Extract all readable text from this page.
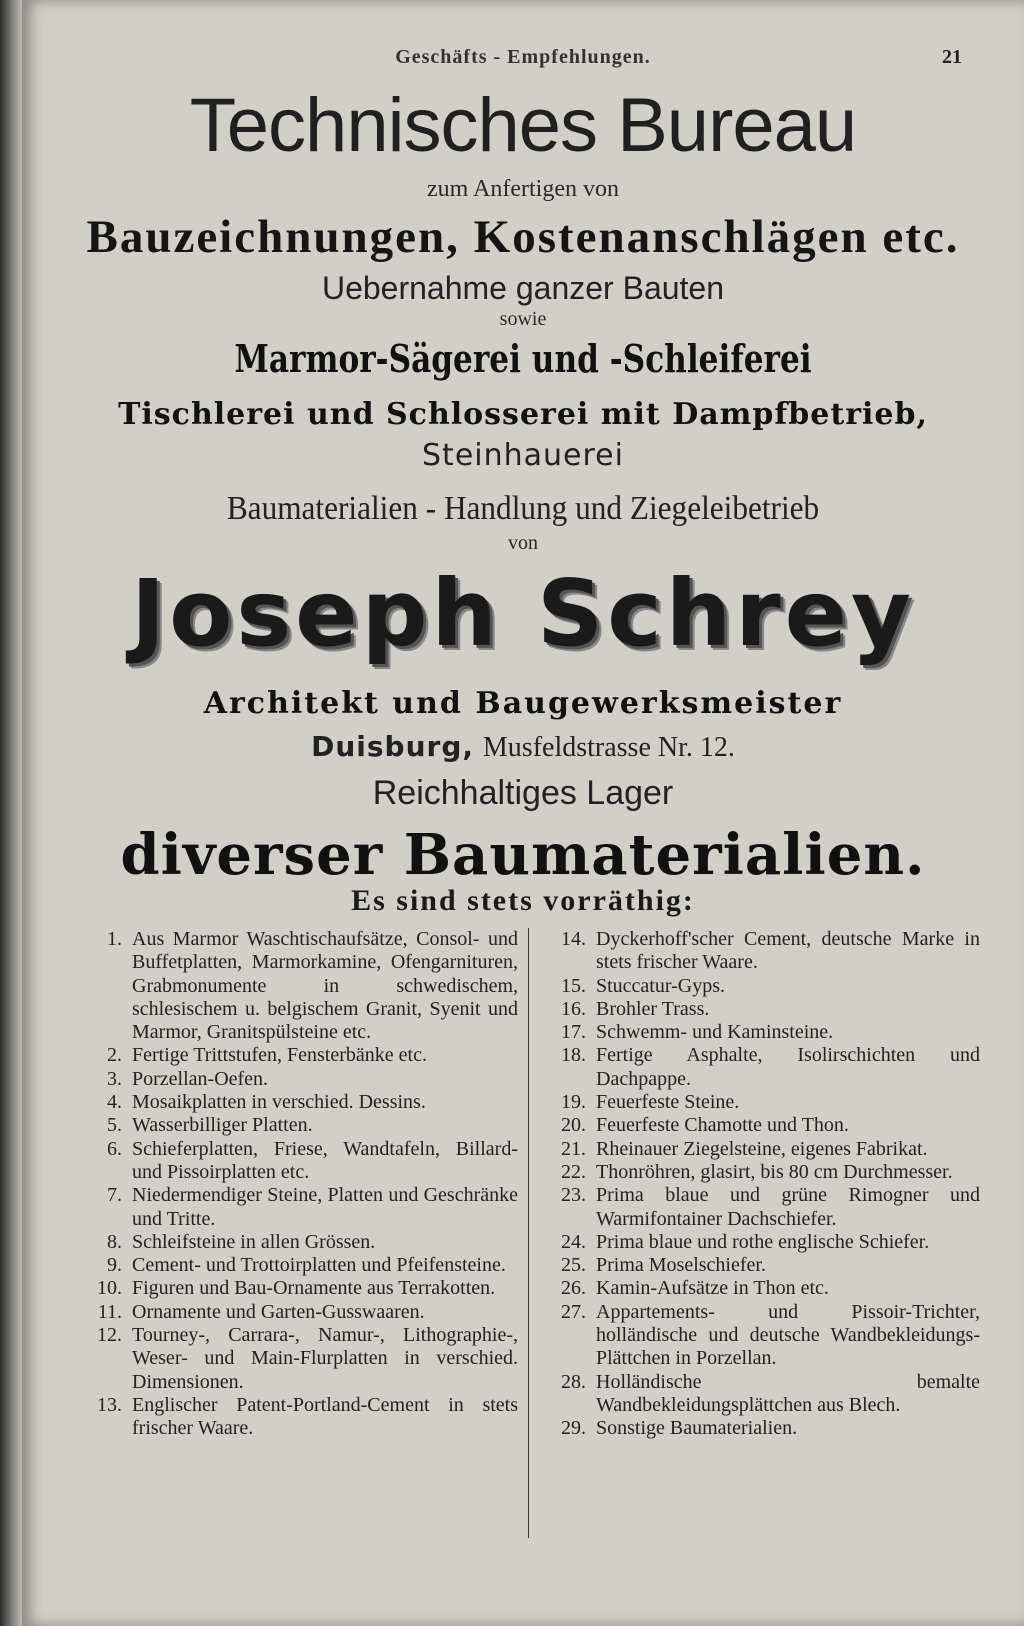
Geschäfts - Empfehlungen.	21
Technisches Bureau
zum Anfertigen von
Bauzeichnungen, Kostenanschlägen etc.
Uebernahme ganzer Bauten
sowie
Marmor-Sägerei und -Schleiferei
Tischlerei und Schlosserei mit Dampfbetrieb,
Steinhauerei
Baumaterialien - Handlung und Ziegeleibetrieb
von
Joseph Schrey
Architekt und Baugewerksmeister
Duisburg, Musfeldstrasse Nr. 12.
Reichhaltiges Lager
diverser Baumaterialien.
Es sind stets vorräthig:
1. Aus Marmor Waschtischaufsätze, Consol- und Buffetplatten, Marmorkamine, Ofengarnituren, Grabmonumente in schwedischem, schlesischem u. belgischem Granit, Syenit und Marmor, Granitspülsteine etc.
2. Fertige Trittstufen, Fensterbänke etc.
3. Porzellan-Oefen.
4. Mosaikplatten in verschied. Dessins.
5. Wasserbilliger Platten.
6. Schieferplatten, Friese, Wandtafeln, Billard- und Pissoirplatten etc.
7. Niedermendiger Steine, Platten und Geschränke und Tritte.
8. Schleifsteine in allen Grössen.
9. Cement- und Trottoirplatten und Pfeifensteine.
10. Figuren und Bau-Ornamente aus Terrakotten.
11. Ornamente und Garten-Gusswaaren.
12. Tourney-, Carrara-, Namur-, Lithographie-, Weser- und Main-Flurplatten in verschied. Dimensionen.
13. Englischer Patent-Portland-Cement in stets frischer Waare.
14. Dyckerhoff'scher Cement, deutsche Marke in stets frischer Waare.
15. Stuccatur-Gyps.
16. Brohler Trass.
17. Schwemm- und Kaminsteine.
18. Fertige Asphalte, Isolirschichten und Dachpappe.
19. Feuerfeste Steine.
20. Feuerfeste Chamotte und Thon.
21. Rheinauer Ziegelsteine, eigenes Fabrikat.
22. Thonröhren, glasirt, bis 80 cm Durchmesser.
23. Prima blaue und grüne Rimogner und Warmifontainer Dachschiefer.
24. Prima blaue und rothe englische Schiefer.
25. Prima Moselschiefer.
26. Kamin-Aufsätze in Thon etc.
27. Appartements- und Pissoir-Trichter, holländische und deutsche Wandbekleidungs-Plättchen in Porzellan.
28. Holländische bemalte Wandbekleidungsplättchen aus Blech.
29. Sonstige Baumaterialien.
